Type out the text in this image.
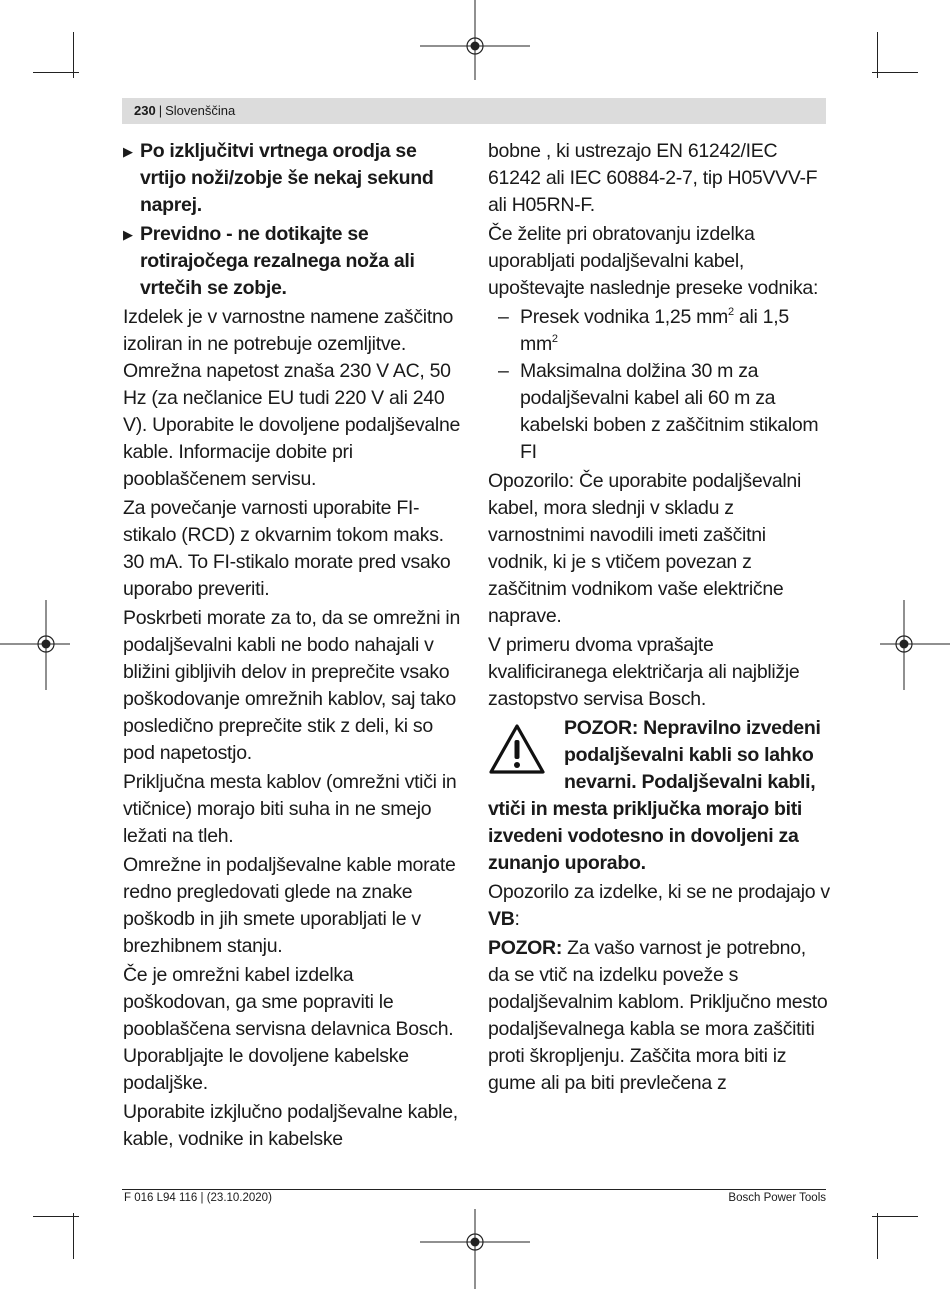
230 | Slovenščina
▶ Po izključitvi vrtnega orodja se vrtijo noži/zobje še nekaj sekund naprej.
▶ Previdno - ne dotikajte se rotirajočega rezalnega noža ali vrtečih se zobje.

Izdelek je v varnostne namene zaščitno izoliran in ne potrebuje ozemljitve. Omrežna napetost znaša 230 V AC, 50 Hz (za nečlanice EU tudi 220 V ali 240 V). Uporabite le dovoljene podaljševalne kable. Informacije dobite pri pooblaščenem servisu.

Za povečanje varnosti uporabite FI-stikalo (RCD) z okvarnim tokom maks. 30 mA. To FI-stikalo morate pred vsako uporabo preveriti.

Poskrbeti morate za to, da se omrežni in podaljševalni kabli ne bodo nahajali v bližini gibljivih delov in preprečite vsako poškodovanje omrežnih kablov, saj tako posledično preprečite stik z deli, ki so pod napetostjo.

Priključna mesta kablov (omrežni vtiči in vtičnice) morajo biti suha in ne smejo ležati na tleh.

Omrežne in podaljševalne kable morate redno pregledovati glede na znake poškodb in jih smete uporabljati le v brezhibnem stanju.

Če je omrežni kabel izdelka poškodovan, ga sme popraviti le pooblaščena servisna delavnica Bosch. Uporabljajte le dovoljene kabelske podaljške.

Uporabite izkjlučno podaljševalne kable, kable, vodnike in kabelske

bobne , ki ustrezajo EN 61242/IEC 61242 ali IEC 60884-2-7, tip H05VVV-F ali H05RN-F.

Če želite pri obratovanju izdelka uporabljati podaljševalni kabel, upoštevajte naslednje preseke vodnika:

– Presek vodnika 1,25 $mm^2$ ali 1,5 $mm^2$
– Maksimalna dolžina 30 m za podaljševalni kabel ali 60 m za kabelski boben z zaščitnim stikalom FI

Opozorilo: Če uporabite podaljševalni kabel, mora slednji v skladu z varnostnimi navodili imeti zaščitni vodnik, ki je s vtičem povezan z zaščitnim vodnikom vaše električne naprave.

V primeru dvoma vprašajte kvalificiranega električarja ali najbližje zastopstvo servisa Bosch.

POZOR: Nepravilno izvedeni podaljševalni kabli so lahko nevarni. Podaljševalni kabli,

vtiči in mesta priključka morajo biti izvedeni vodotesno in dovoljeni za zunanjo uporabo.

Opozorilo za izdelke, ki se ne prodajajo v VB:

POZOR: Za vašo varnost je potrebno, da se vtič na izdelku poveže s podaljševalnim kablom. Priključno mesto podaljševalnega kabla se mora zaščititi proti škropljenju. Zaščita mora biti iz gume ali pa biti prevlečena z

F 016 L94 116 | (23.10.2020)	Bosch Power Tools
